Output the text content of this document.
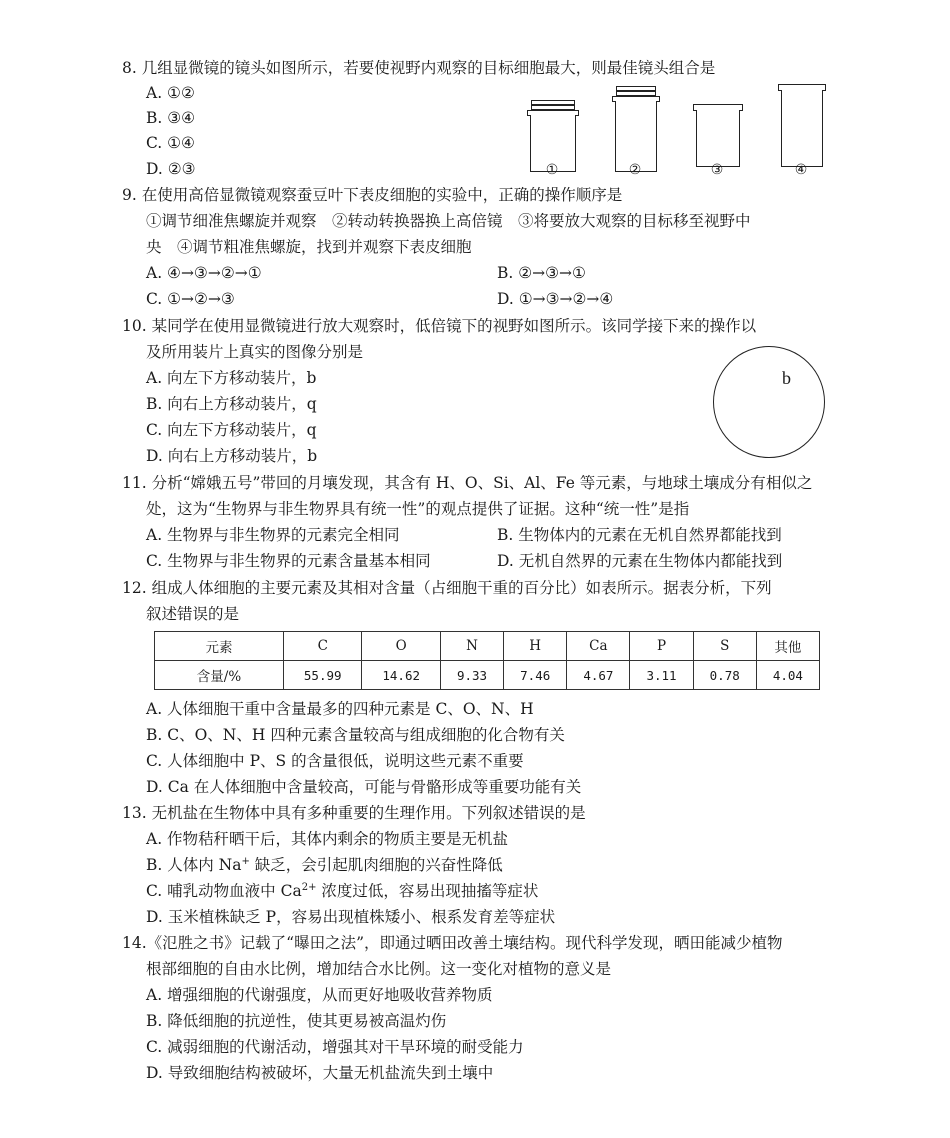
8. 几组显微镜的镜头如图所示，若要使视野内观察的目标细胞最大，则最佳镜头组合是
A. ①②
B. ③④
C. ①④
D. ②③	①	②	③	④
9. 在使用高倍显微镜观察蚕豆叶下表皮细胞的实验中，正确的操作顺序是
①调节细准焦螺旋并观察　②转动转换器换上高倍镜　③将要放大观察的目标移至视野中
央　④调节粗准焦螺旋，找到并观察下表皮细胞
A. ④→③→②→①	B. ②→③→①
C. ①→②→③	D. ①→③→②→④
10. 某同学在使用显微镜进行放大观察时，低倍镜下的视野如图所示。该同学接下来的操作以
及所用装片上真实的图像分别是
A. 向左下方移动装片，b
B. 向右上方移动装片，q
C. 向左下方移动装片，q
D. 向右上方移动装片，b
b
11. 分析“嫦娥五号”带回的月壤发现，其含有 H、O、Si、Al、Fe 等元素，与地球土壤成分有相似之
处，这为“生物界与非生物界具有统一性”的观点提供了证据。这种“统一性”是指
A. 生物界与非生物界的元素完全相同	B. 生物体内的元素在无机自然界都能找到
C. 生物界与非生物界的元素含量基本相同	D. 无机自然界的元素在生物体内都能找到
12. 组成人体细胞的主要元素及其相对含量（占细胞干重的百分比）如表所示。据表分析，下列
叙述错误的是
元素	C	O	N	H	Ca	P	S	其他
含量/%	55.99	14.62	9.33	7.46	4.67	3.11	0.78	4.04
A. 人体细胞干重中含量最多的四种元素是 C、O、N、H
B. C、O、N、H 四种元素含量较高与组成细胞的化合物有关
C. 人体细胞中 P、S 的含量很低，说明这些元素不重要
D. Ca 在人体细胞中含量较高，可能与骨骼形成等重要功能有关
13. 无机盐在生物体中具有多种重要的生理作用。下列叙述错误的是
A. 作物秸秆晒干后，其体内剩余的物质主要是无机盐
B. 人体内 Na+ 缺乏，会引起肌肉细胞的兴奋性降低
C. 哺乳动物血液中 $Ca^{2+}$ 浓度过低，容易出现抽搐等症状
D. 玉米植株缺乏 P，容易出现植株矮小、根系发育差等症状
14.《氾胜之书》记载了“曝田之法”，即通过晒田改善土壤结构。现代科学发现，晒田能减少植物
根部细胞的自由水比例，增加结合水比例。这一变化对植物的意义是
A. 增强细胞的代谢强度，从而更好地吸收营养物质
B. 降低细胞的抗逆性，使其更易被高温灼伤
C. 减弱细胞的代谢活动，增强其对干旱环境的耐受能力
D. 导致细胞结构被破坏，大量无机盐流失到土壤中
